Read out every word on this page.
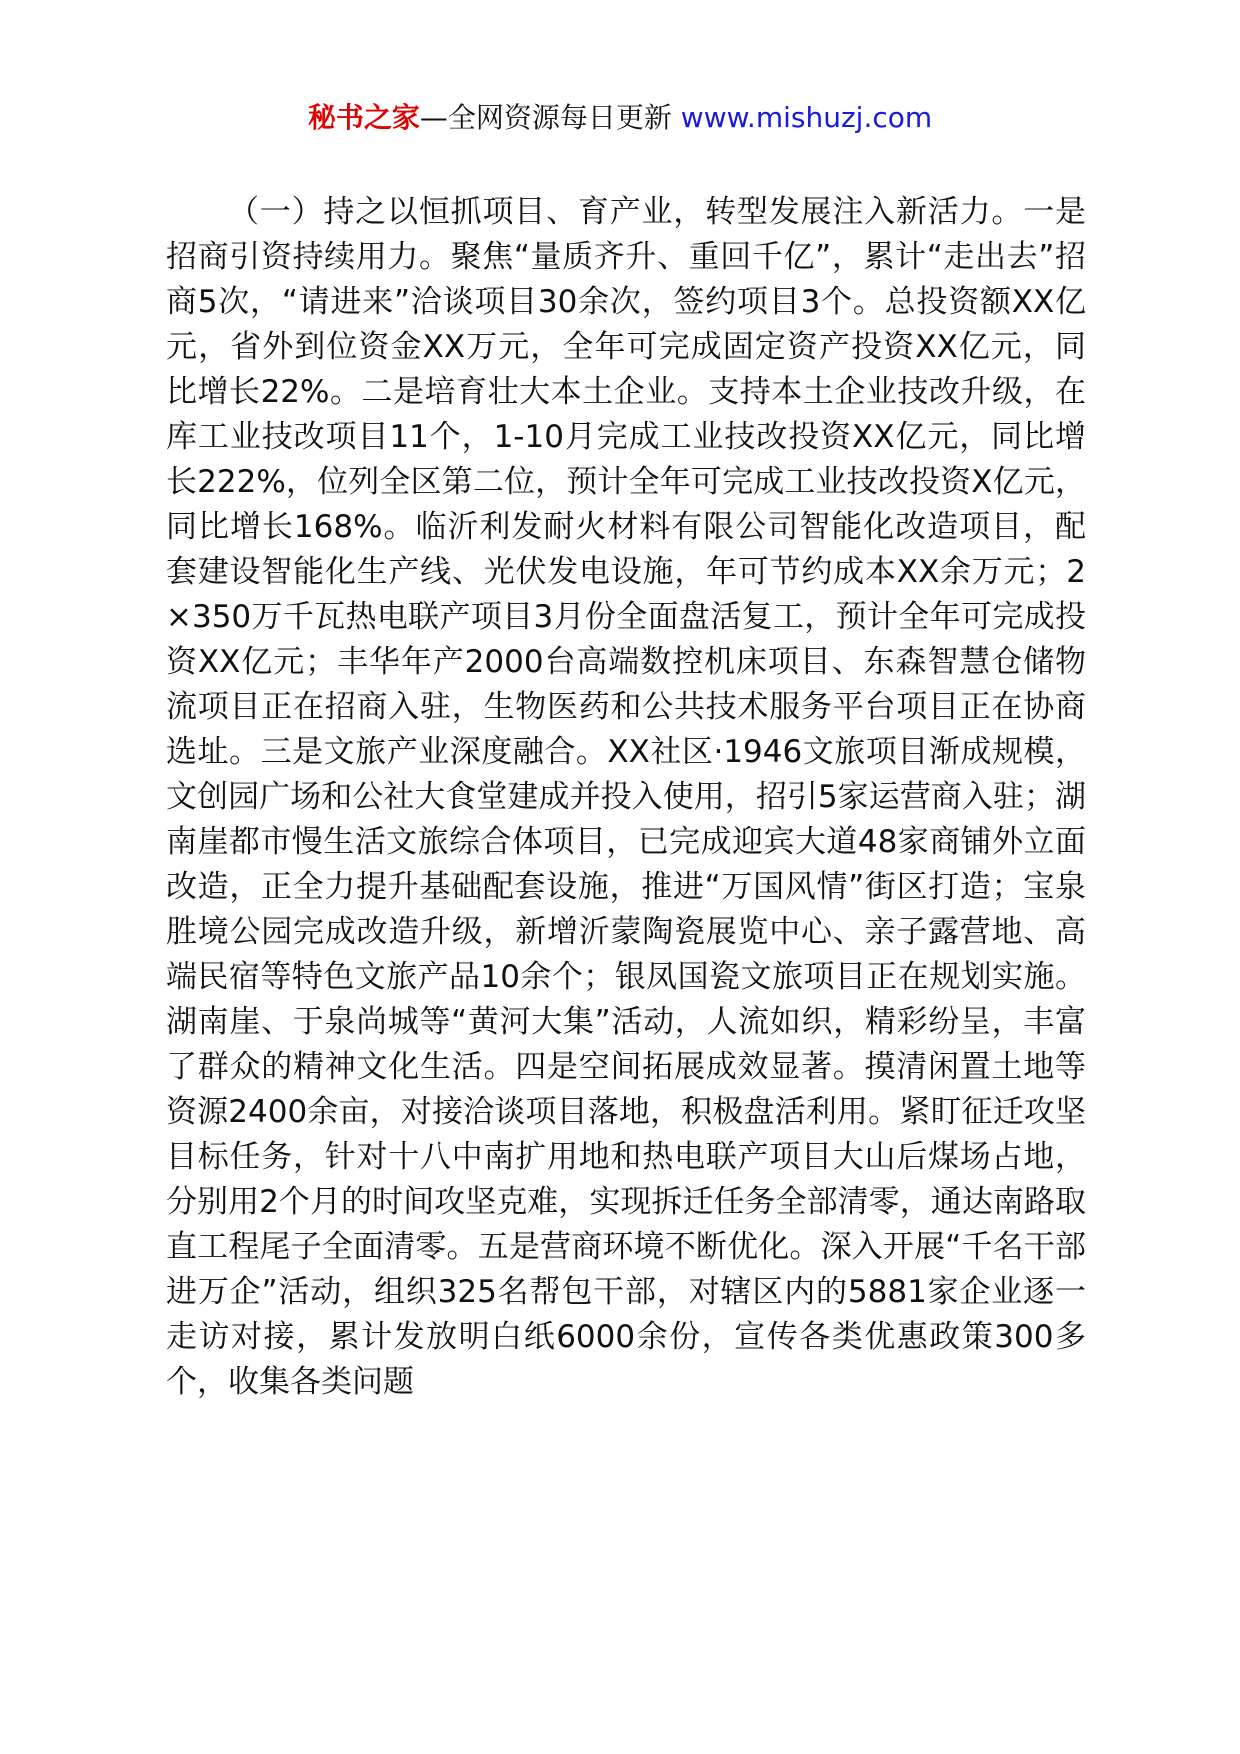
秘书之家—全网资源每日更新 www.mishuzj.com

（一）持之以恒抓项目、育产业，转型发展注入新活力。一是招商引资持续用力。聚焦“量质齐升、重回千亿”，累计“走出去”招商5次，“请进来”洽谈项目30余次，签约项目3个。总投资额XX亿元，省外到位资金XX万元，全年可完成固定资产投资XX亿元，同比增长22%。二是培育壮大本土企业。支持本土企业技改升级，在库工业技改项目11个，1-10月完成工业技改投资XX亿元，同比增长222%，位列全区第二位，预计全年可完成工业技改投资X亿元，同比增长168%。临沂利发耐火材料有限公司智能化改造项目，配套建设智能化生产线、光伏发电设施，年可节约成本XX余万元；2×350万千瓦热电联产项目3月份全面盘活复工，预计全年可完成投资XX亿元；丰华年产2000台高端数控机床项目、东森智慧仓储物流项目正在招商入驻，生物医药和公共技术服务平台项目正在协商选址。三是文旅产业深度融合。XX社区·1946文旅项目渐成规模，文创园广场和公社大食堂建成并投入使用，招引5家运营商入驻；湖南崖都市慢生活文旅综合体项目，已完成迎宾大道48家商铺外立面改造，正全力提升基础配套设施，推进“万国风情”街区打造；宝泉胜境公园完成改造升级，新增沂蒙陶瓷展览中心、亲子露营地、高端民宿等特色文旅产品10余个；银凤国瓷文旅项目正在规划实施。湖南崖、于泉尚城等“黄河大集”活动，人流如织，精彩纷呈，丰富了群众的精神文化生活。四是空间拓展成效显著。摸清闲置土地等资源2400余亩，对接洽谈项目落地，积极盘活利用。紧盯征迁攻坚目标任务，针对十八中南扩用地和热电联产项目大山后煤场占地，分别用2个月的时间攻坚克难，实现拆迁任务全部清零，通达南路取直工程尾子全面清零。五是营商环境不断优化。深入开展“千名干部进万企”活动，组织325名帮包干部，对辖区内的5881家企业逐一走访对接，累计发放明白纸6000余份，宣传各类优惠政策300多个，收集各类问题
